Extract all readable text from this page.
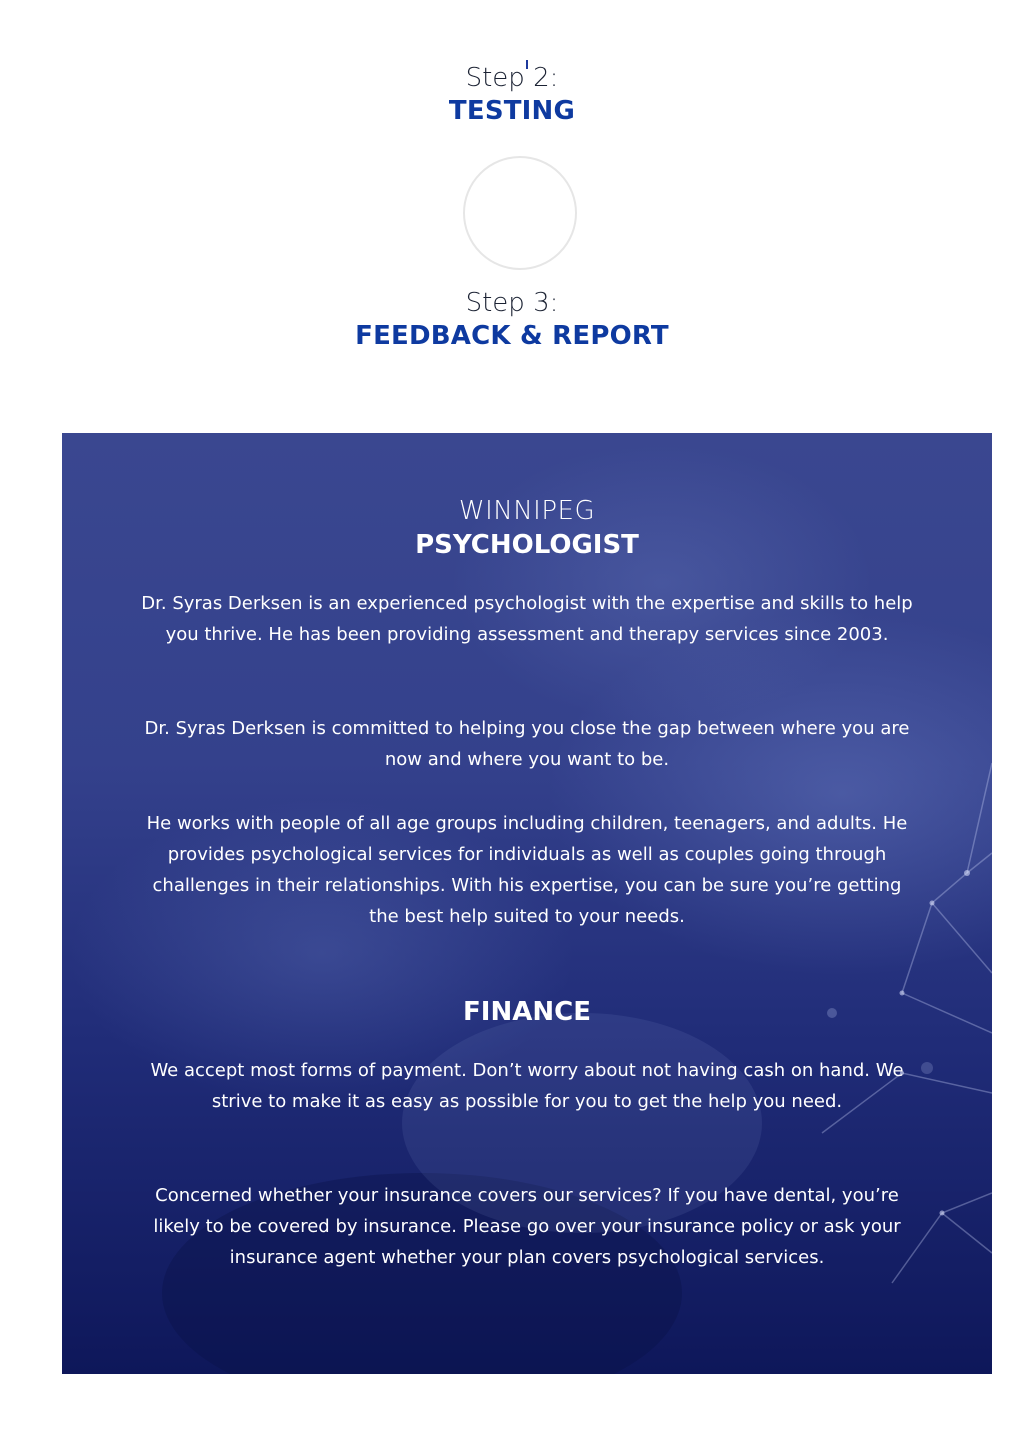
Step 2:
TESTING
Step 3:
FEEDBACK & REPORT
WINNIPEG
PSYCHOLOGIST

Dr. Syras Derksen is an experienced psychologist with the expertise and skills to help you thrive. He has been providing assessment and therapy services since 2003.

Dr. Syras Derksen is committed to helping you close the gap between where you are now and where you want to be.

He works with people of all age groups including children, teenagers, and adults. He provides psychological services for individuals as well as couples going through challenges in their relationships. With his expertise, you can be sure you’re getting the best help suited to your needs.

FINANCE

We accept most forms of payment. Don’t worry about not having cash on hand. We strive to make it as easy as possible for you to get the help you need.

Concerned whether your insurance covers our services? If you have dental, you’re likely to be covered by insurance. Please go over your insurance policy or ask your insurance agent whether your plan covers psychological services.
